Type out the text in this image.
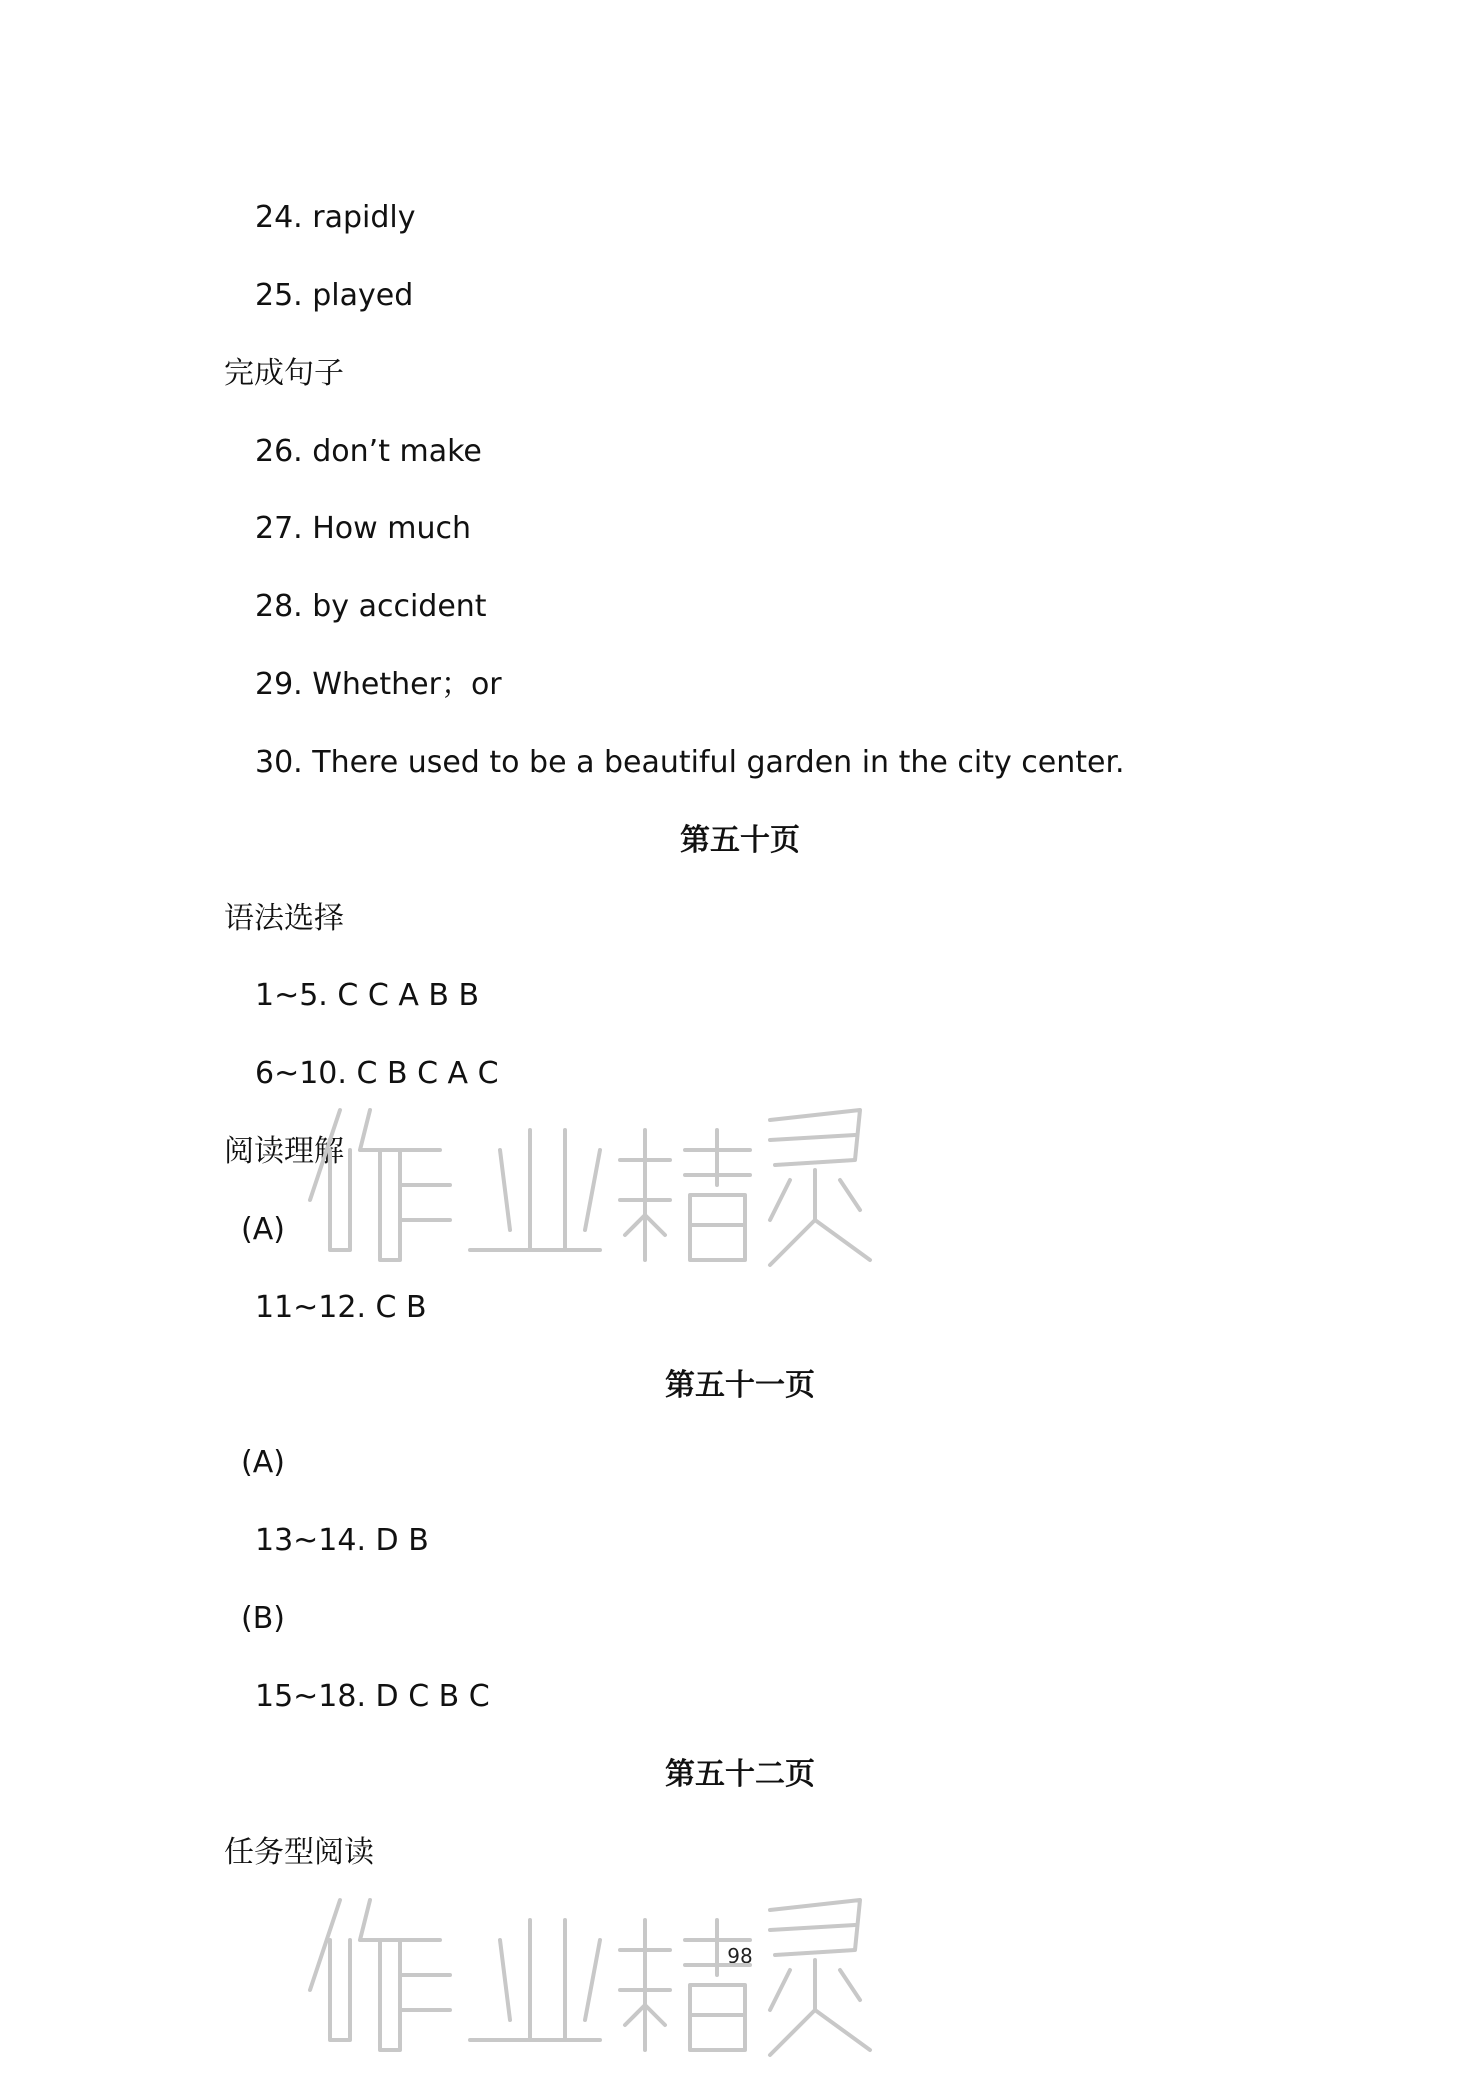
24. rapidly
25. played
完成句子
26. don’t make
27. How much
28. by accident
29. Whether；or
30. There used to be a beautiful garden in the city center.
第五十页
语法选择
1~5. C C A B B
6~10. C B C A C
阅读理解
(A)
11~12. C B
第五十一页
(A)
13~14. D B
(B)
15~18. D C B C
第五十二页
任务型阅读
98
